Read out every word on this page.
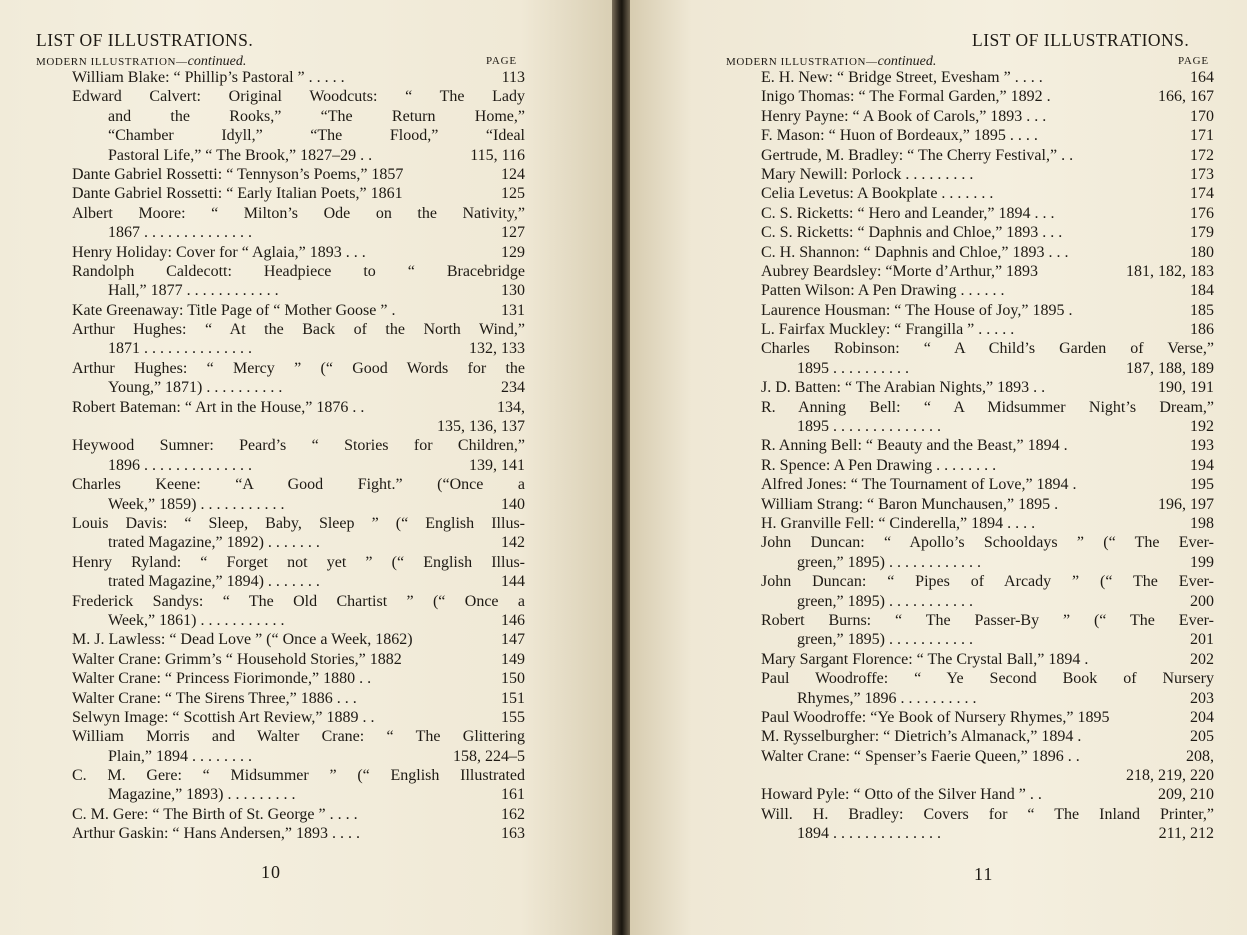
LIST OF ILLUSTRATIONS.
MODERN ILLUSTRATION—continued.	PAGE
William Blake: “ Phillip’s Pastoral ” . . . . .	113
Edward Calvert: Original Woodcuts: “ The Lady
and the Rooks,” “The Return Home,”
“Chamber Idyll,” “The Flood,” “Ideal
Pastoral Life,” “ The Brook,” 1827–29 . .	115, 116
Dante Gabriel Rossetti: “ Tennyson’s Poems,” 1857	124
Dante Gabriel Rossetti: “ Early Italian Poets,” 1861	125
Albert Moore: “ Milton’s Ode on the Nativity,”
1867 . . . . . . . . . . . . . .	127
Henry Holiday: Cover for “ Aglaia,” 1893 . . .	129
Randolph Caldecott: Headpiece to “ Bracebridge
Hall,” 1877 . . . . . . . . . . . .	130
Kate Greenaway: Title Page of “ Mother Goose ” .	131
Arthur Hughes: “ At the Back of the North Wind,”
1871 . . . . . . . . . . . . . .	132, 133
Arthur Hughes: “ Mercy ” (“ Good Words for the
Young,” 1871) . . . . . . . . . .	234
Robert Bateman: “ Art in the House,” 1876 . .	134,
135, 136, 137
Heywood Sumner: Peard’s “ Stories for Children,”
1896 . . . . . . . . . . . . . .	139, 141
Charles Keene: “A Good Fight.” (“Once a
Week,” 1859) . . . . . . . . . . .	140
Louis Davis: “ Sleep, Baby, Sleep ” (“ English Illus-
trated Magazine,” 1892) . . . . . . .	142
Henry Ryland: “ Forget not yet ” (“ English Illus-
trated Magazine,” 1894) . . . . . . .	144
Frederick Sandys: “ The Old Chartist ” (“ Once a
Week,” 1861) . . . . . . . . . . .	146
M. J. Lawless: “ Dead Love ” (“ Once a Week, 1862)	147
Walter Crane: Grimm’s “ Household Stories,” 1882	149
Walter Crane: “ Princess Fiorimonde,” 1880 . .	150
Walter Crane: “ The Sirens Three,” 1886 . . .	151
Selwyn Image: “ Scottish Art Review,” 1889 . .	155
William Morris and Walter Crane: “ The Glittering
Plain,” 1894 . . . . . . . .	158, 224–5
C. M. Gere: “ Midsummer ” (“ English Illustrated
Magazine,” 1893) . . . . . . . . .	161
C. M. Gere: “ The Birth of St. George ” . . . .	162
Arthur Gaskin: “ Hans Andersen,” 1893 . . . .	163
10
LIST OF ILLUSTRATIONS.
MODERN ILLUSTRATION—continued.	PAGE
E. H. New: “ Bridge Street, Evesham ” . . . .	164
Inigo Thomas: “ The Formal Garden,” 1892 .	166, 167
Henry Payne: “ A Book of Carols,” 1893 . . .	170
F. Mason: “ Huon of Bordeaux,” 1895 . . . .	171
Gertrude, M. Bradley: “ The Cherry Festival,” . .	172
Mary Newill: Porlock . . . . . . . . .	173
Celia Levetus: A Bookplate . . . . . . .	174
C. S. Ricketts: “ Hero and Leander,” 1894 . . .	176
C. S. Ricketts: “ Daphnis and Chloe,” 1893 . . .	179
C. H. Shannon: “ Daphnis and Chloe,” 1893 . . .	180
Aubrey Beardsley: “Morte d’Arthur,” 1893	181, 182, 183
Patten Wilson: A Pen Drawing . . . . . .	184
Laurence Housman: “ The House of Joy,” 1895 .	185
L. Fairfax Muckley: “ Frangilla ” . . . . .	186
Charles Robinson: “ A Child’s Garden of Verse,”
1895 . . . . . . . . . .	187, 188, 189
J. D. Batten: “ The Arabian Nights,” 1893 . .	190, 191
R. Anning Bell: “ A Midsummer Night’s Dream,”
1895 . . . . . . . . . . . . . .	192
R. Anning Bell: “ Beauty and the Beast,” 1894 .	193
R. Spence: A Pen Drawing . . . . . . . .	194
Alfred Jones: “ The Tournament of Love,” 1894 .	195
William Strang: “ Baron Munchausen,” 1895 .	196, 197
H. Granville Fell: “ Cinderella,” 1894 . . . .	198
John Duncan: “ Apollo’s Schooldays ” (“ The Ever-
green,” 1895) . . . . . . . . . . . .	199
John Duncan: “ Pipes of Arcady ” (“ The Ever-
green,” 1895) . . . . . . . . . . .	200
Robert Burns: “ The Passer-By ” (“ The Ever-
green,” 1895) . . . . . . . . . . .	201
Mary Sargant Florence: “ The Crystal Ball,” 1894 .	202
Paul Woodroffe: “ Ye Second Book of Nursery
Rhymes,” 1896 . . . . . . . . . .	203
Paul Woodroffe: “Ye Book of Nursery Rhymes,” 1895	204
M. Rysselburgher: “ Dietrich’s Almanack,” 1894 .	205
Walter Crane: “ Spenser’s Faerie Queen,” 1896 . .	208,
218, 219, 220
Howard Pyle: “ Otto of the Silver Hand ” . .	209, 210
Will. H. Bradley: Covers for “ The Inland Printer,”
1894 . . . . . . . . . . . . . .	211, 212
11
